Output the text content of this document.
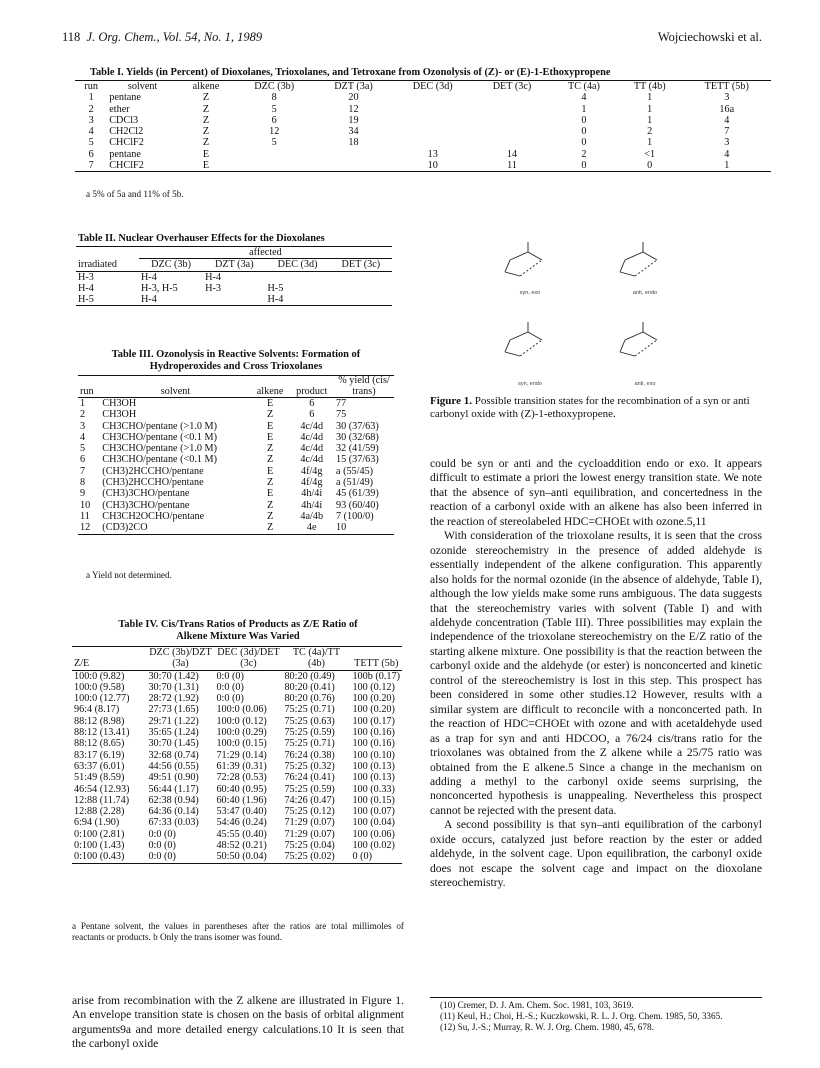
118 J. Org. Chem., Vol. 54, No. 1, 1989	Wojciechowski et al.
Table I. Yields (in Percent) of Dioxolanes, Trioxolanes, and Tetroxane from Ozonolysis of (Z)- or (E)-1-Ethoxypropene
run	solvent	alkene	DZC (3b)	DZT (3a)	DEC (3d)	DET (3c)	TC (4a)	TT (4b)	TETT (5b)
1	pentane	Z	8	20			4	1	3
2	ether	Z	5	12			1	1	16a
3	CDCl3	Z	6	19			0	1	4
4	CH2Cl2	Z	12	34			0	2	7
5	CHClF2	Z	5	18			0	1	3
6	pentane	E			13	14	2	<1	4
7	CHClF2	E			10	11	0	0	1
a 5% of 5a and 11% of 5b.
Table II. Nuclear Overhauser Effects for the Dioxolanes
	affected			
irradiated	DZC (3b)	DZT (3a)	DEC (3d)	DET (3c)
H-3	H-4	H-4		
H-4	H-3, H-5	H-3	H-5	
H-5	H-4		H-4	
Table III. Ozonolysis in Reactive Solvents: Formation of
Hydroperoxides and Cross Trioxolanes
run	solvent	alkene	product	% yield (cis/ trans)
1	CH3OH	E	6	77
2	CH3OH	Z	6	75
3	CH3CHO/pentane (>1.0 M)	E	4c/4d	30 (37/63)
4	CH3CHO/pentane (<0.1 M)	E	4c/4d	30 (32/68)
5	CH3CHO/pentane (>1.0 M)	Z	4c/4d	32 (41/59)
6	CH3CHO/pentane (<0.1 M)	Z	4c/4d	15 (37/63)
7	(CH3)2HCCHO/pentane	E	4f/4g	a (55/45)
8	(CH3)2HCCHO/pentane	Z	4f/4g	a (51/49)
9	(CH3)3CHO/pentane	E	4h/4i	45 (61/39)
10	(CH3)3CHO/pentane	Z	4h/4i	93 (60/40)
11	CH3CH2OCHO/pentane	Z	4a/4b	7 (100/0)
12	(CD3)2CO	Z	4e	10
a Yield not determined.
Table IV. Cis/Trans Ratios of Products as Z/E Ratio of
Alkene Mixture Was Varied
Z/E	DZC (3b)/DZT (3a)	DEC (3d)/DET (3c)	TC (4a)/TT (4b)	TETT (5b)
100:0 (9.82)	30:70 (1.42)	0:0 (0)	80:20 (0.49)	100b (0.17)
100:0 (9.58)	30:70 (1.31)	0:0 (0)	80:20 (0.41)	100 (0.12)
100:0 (12.77)	28:72 (1.92)	0:0 (0)	80:20 (0.76)	100 (0.20)
96:4 (8.17)	27:73 (1.65)	100:0 (0.06)	75:25 (0.71)	100 (0.20)
88:12 (8.98)	29:71 (1.22)	100:0 (0.12)	75:25 (0.63)	100 (0.17)
88:12 (13.41)	35:65 (1.24)	100:0 (0.29)	75:25 (0.59)	100 (0.16)
88:12 (8.65)	30:70 (1.45)	100:0 (0.15)	75:25 (0.71)	100 (0.16)
83:17 (6.19)	32:68 (0.74)	71:29 (0.14)	76:24 (0.38)	100 (0.10)
63:37 (6.01)	44:56 (0.55)	61:39 (0.31)	75:25 (0.32)	100 (0.13)
51:49 (8.59)	49:51 (0.90)	72:28 (0.53)	76:24 (0.41)	100 (0.13)
46:54 (12.93)	56:44 (1.17)	60:40 (0.95)	75:25 (0.59)	100 (0.33)
12:88 (11.74)	62:38 (0.94)	60:40 (1.96)	74:26 (0.47)	100 (0.15)
12:88 (2.28)	64:36 (0.14)	53:47 (0.40)	75:25 (0.12)	100 (0.07)
6:94 (1.90)	67:33 (0.03)	54:46 (0.24)	71:29 (0.07)	100 (0.04)
0:100 (2.81)	0:0 (0)	45:55 (0.40)	71:29 (0.07)	100 (0.06)
0:100 (1.43)	0:0 (0)	48:52 (0.21)	75:25 (0.04)	100 (0.02)
0:100 (0.43)	0:0 (0)	50:50 (0.04)	75:25 (0.02)	0 (0)
a Pentane solvent, the values in parentheses after the ratios are total millimoles of reactants or products. b Only the trans isomer was found.
arise from recombination with the Z alkene are illustrated in Figure 1. An envelope transition state is chosen on the basis of orbital alignment arguments9a and more detailed energy calculations.10 It is seen that the carbonyl oxide
syn, exo	anti, endo
syn, endo	anti, exo
Figure 1. Possible transition states for the recombination of a syn or anti carbonyl oxide with (Z)-1-ethoxypropene.
could be syn or anti and the cycloaddition endo or exo. It appears difficult to estimate a priori the lowest energy transition state. We note that the absence of syn–anti equilibration, and concertedness in the reaction of a carbonyl oxide with an alkene has also been inferred in the reaction of stereolabeled HDC=CHOEt with ozone.5,11
With consideration of the trioxolane results, it is seen that the cross ozonide stereochemistry in the presence of added aldehyde is essentially independent of the alkene configuration. This apparently also holds for the normal ozonide (in the absence of aldehyde, Table I), although the low yields make some runs ambiguous. The data suggests that the stereochemistry varies with solvent (Table I) and with aldehyde concentration (Table III). Three possibilities may explain the independence of the trioxolane stereochemistry on the E/Z ratio of the starting alkene mixture. One possibility is that the reaction between the carbonyl oxide and the aldehyde (or ester) is nonconcerted and kinetic control of the stereochemistry is lost in this step. This prospect has been considered in some other studies.12 However, results with a similar system are difficult to reconcile with a nonconcerted path. In the reaction of HDC=CHOEt with ozone and with acetaldehyde used as a trap for syn and anti HDCOO, a 76/24 cis/trans ratio for the trioxolanes was obtained from the Z alkene while a 25/75 ratio was obtained from the E alkene.5 Since a change in the mechanism on adding a methyl to the carbonyl oxide seems surprising, the nonconcerted hypothesis is unappealing. Nevertheless this prospect cannot be rejected with the present data.
A second possibility is that syn–anti equilibration of the carbonyl oxide occurs, catalyzed just before reaction by the ester or added aldehyde, in the solvent cage. Upon equilibration, the carbonyl oxide does not escape the solvent cage and impact on the dioxolane stereochemistry.
(10) Cremer, D. J. Am. Chem. Soc. 1981, 103, 3619.
(11) Keul, H.; Choi, H.-S.; Kuczkowski, R. L. J. Org. Chem. 1985, 50, 3365.
(12) Su, J.-S.; Murray, R. W. J. Org. Chem. 1980, 45, 678.
